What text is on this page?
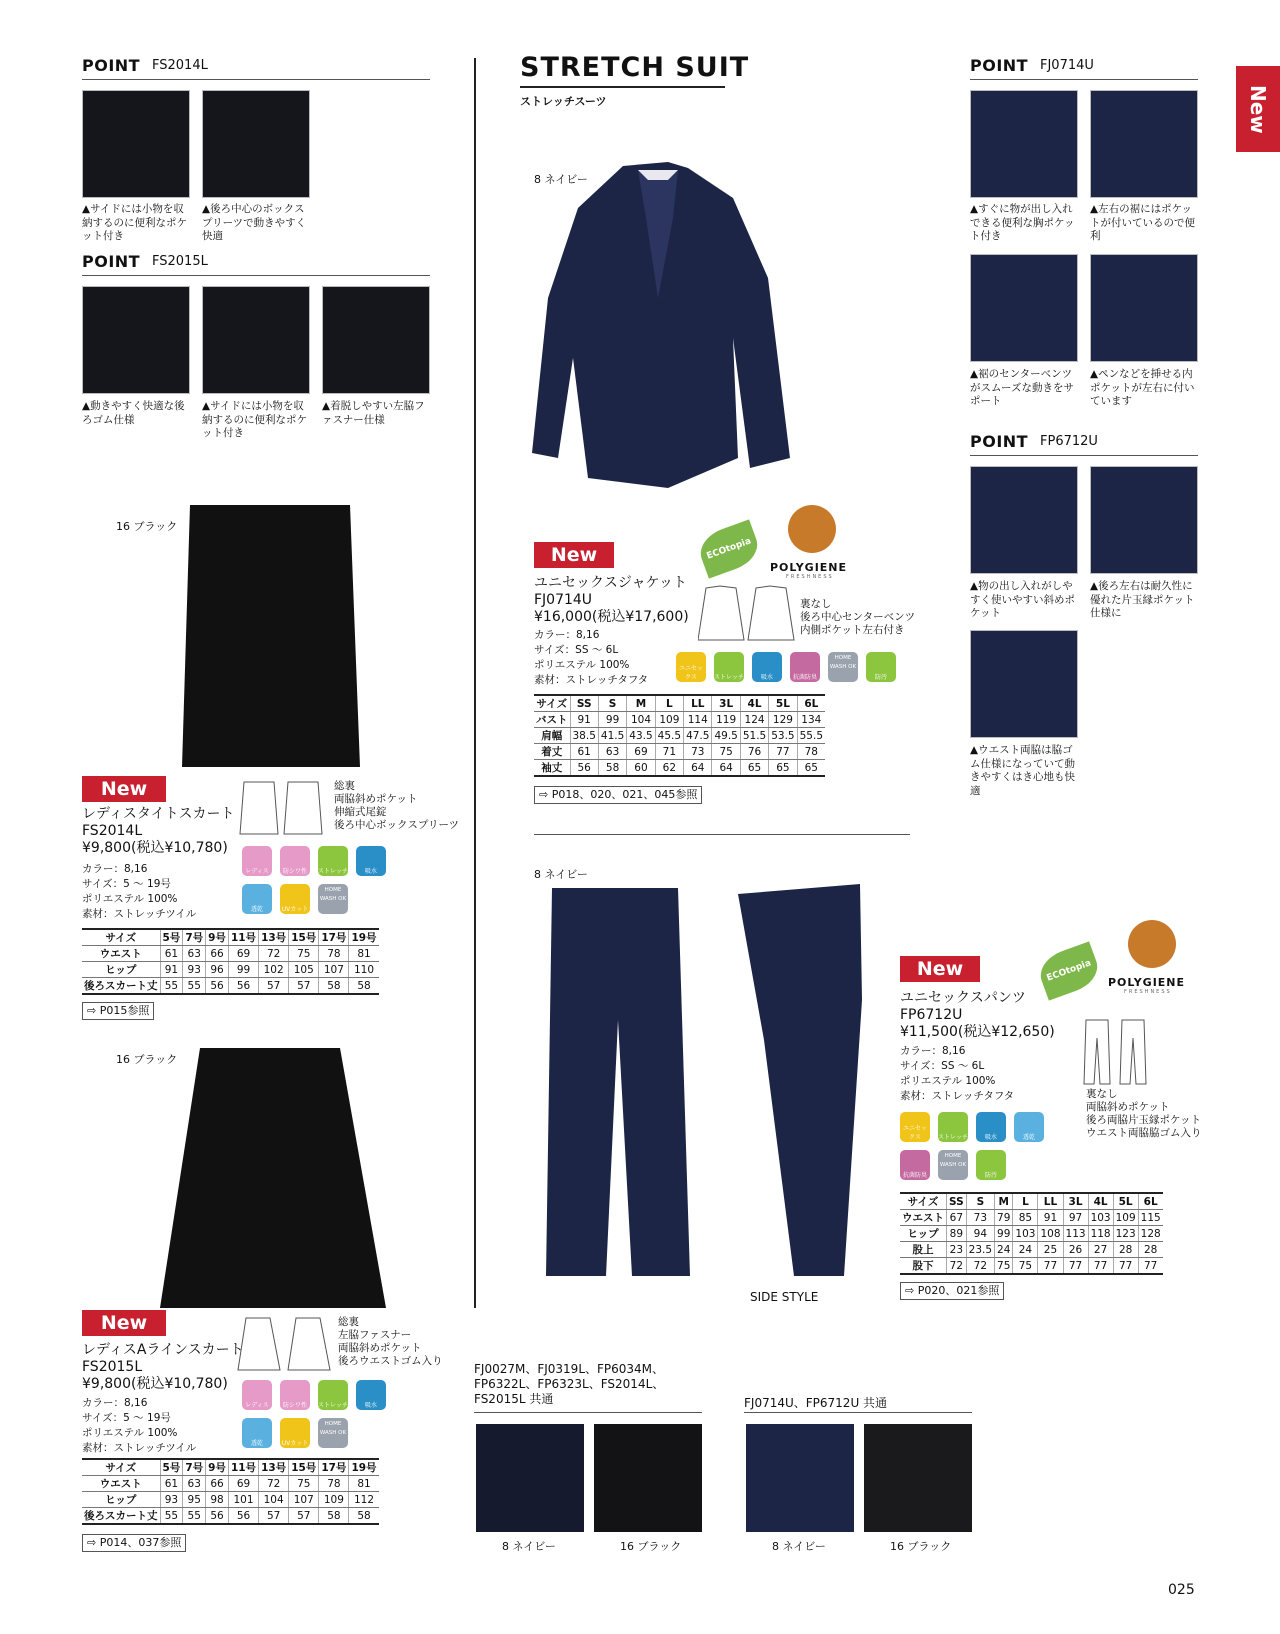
New
POINT FS2014L
▲サイドには小物を収納するのに便利なポケット付き
▲後ろ中心のボックスプリーツで動きやすく快適
POINT FS2015L
▲動きやすく快適な後ろゴム仕様
▲サイドには小物を収納するのに便利なポケット付き
▲着脱しやすい左脇ファスナー仕様
16 ブラック
New
レディスタイトスカート
FS2014L
¥9,800(税込¥10,780)
総裏
両脇斜めポケット
伸縮式尾錠
後ろ中心ボックスプリーツ
カラー：8,16
サイズ：5 ～ 19号
ポリエステル 100%
素材：ストレッチツイル
レディス	防シワ性	ストレッチ	吸水
透乾	UVカット
HOME WASH OK
サイズ	5号	7号	9号	11号	13号	15号	17号	19号
ウエスト	61	63	66	69	72	75	78	81
ヒップ	91	93	96	99	102	105	107	110
後ろスカート丈	55	55	56	56	57	57	58	58
⇨ P015参照
16 ブラック
New
レディスAラインスカート
FS2015L
¥9,800(税込¥10,780)
総裏
左脇ファスナー
両脇斜めポケット
後ろウエストゴム入り
カラー：8,16
サイズ：5 ～ 19号
ポリエステル 100%
素材：ストレッチツイル
レディス	防シワ性	ストレッチ	吸水
透乾	UVカット
HOME WASH OK
サイズ	5号	7号	9号	11号	13号	15号	17号	19号
ウエスト	61	63	66	69	72	75	78	81
ヒップ	93	95	98	101	104	107	109	112
後ろスカート丈	55	55	56	56	57	57	58	58
⇨ P014、037参照
STRETCH SUIT
ストレッチスーツ
8 ネイビー
New	ECOtopia
POLYGIENE
FRESHNESS
ユニセックスジャケット
FJ0714U
¥16,000(税込¥17,600)
裏なし
後ろ中心センターベンツ
内側ポケット左右付き
カラー：8,16
サイズ：SS ～ 6L
ポリエステル 100%
素材：ストレッチタフタ
ユニセックス	ストレッチ	吸水	抗菌防臭
HOME WASH OK
防汚
サイズ	SS	S	M	L	LL	3L	4L	5L	6L
バスト	91	99	104	109	114	119	124	129	134
肩幅	38.5	41.5	43.5	45.5	47.5	49.5	51.5	53.5	55.5
着丈	61	63	69	71	73	75	76	77	78
袖丈	56	58	60	62	64	64	65	65	65
⇨ P018、020、021、045参照
8 ネイビー
SIDE STYLE
New	ECOtopia	POLYGIENE
FRESHNESS
ユニセックスパンツ
FP6712U
¥11,500(税込¥12,650)
カラー：8,16
サイズ：SS ～ 6L
ポリエステル 100%
素材：ストレッチタフタ	裏なし
両脇斜めポケット
後ろ両脇片玉縁ポケット
ウエスト両脇脇ゴム入り
ユニセックス	ストレッチ	吸水	透乾
抗菌防臭
HOME WASH OK
防汚
サイズ	SS	S	M	L	LL	3L	4L	5L	6L
ウエスト	67	73	79	85	91	97	103	109	115
ヒップ	89	94	99	103	108	113	118	123	128
股上	23	23.5	24	24	25	26	27	28	28
股下	72	72	75	75	77	77	77	77	77
⇨ P020、021参照
POINT FJ0714U
▲すぐに物が出し入れできる便利な胸ポケット付き
▲左右の裾にはポケットが付いているので便利
▲裾のセンターベンツがスムーズな動きをサポート
▲ペンなどを挿せる内ポケットが左右に付いています
POINT FP6712U
▲物の出し入れがしやすく使いやすい斜めポケット
▲後ろ左右は耐久性に優れた片玉縁ポケット仕様に
▲ウエスト両脇は脇ゴム仕様になっていて動きやすくはき心地も快適
FJ0027M、FJ0319L、FP6034M、FP6322L、FP6323L、FS2014L、FS2015L 共通
8 ネイビー	16 ブラック
FJ0714U、FP6712U 共通
8 ネイビー	16 ブラック
025
